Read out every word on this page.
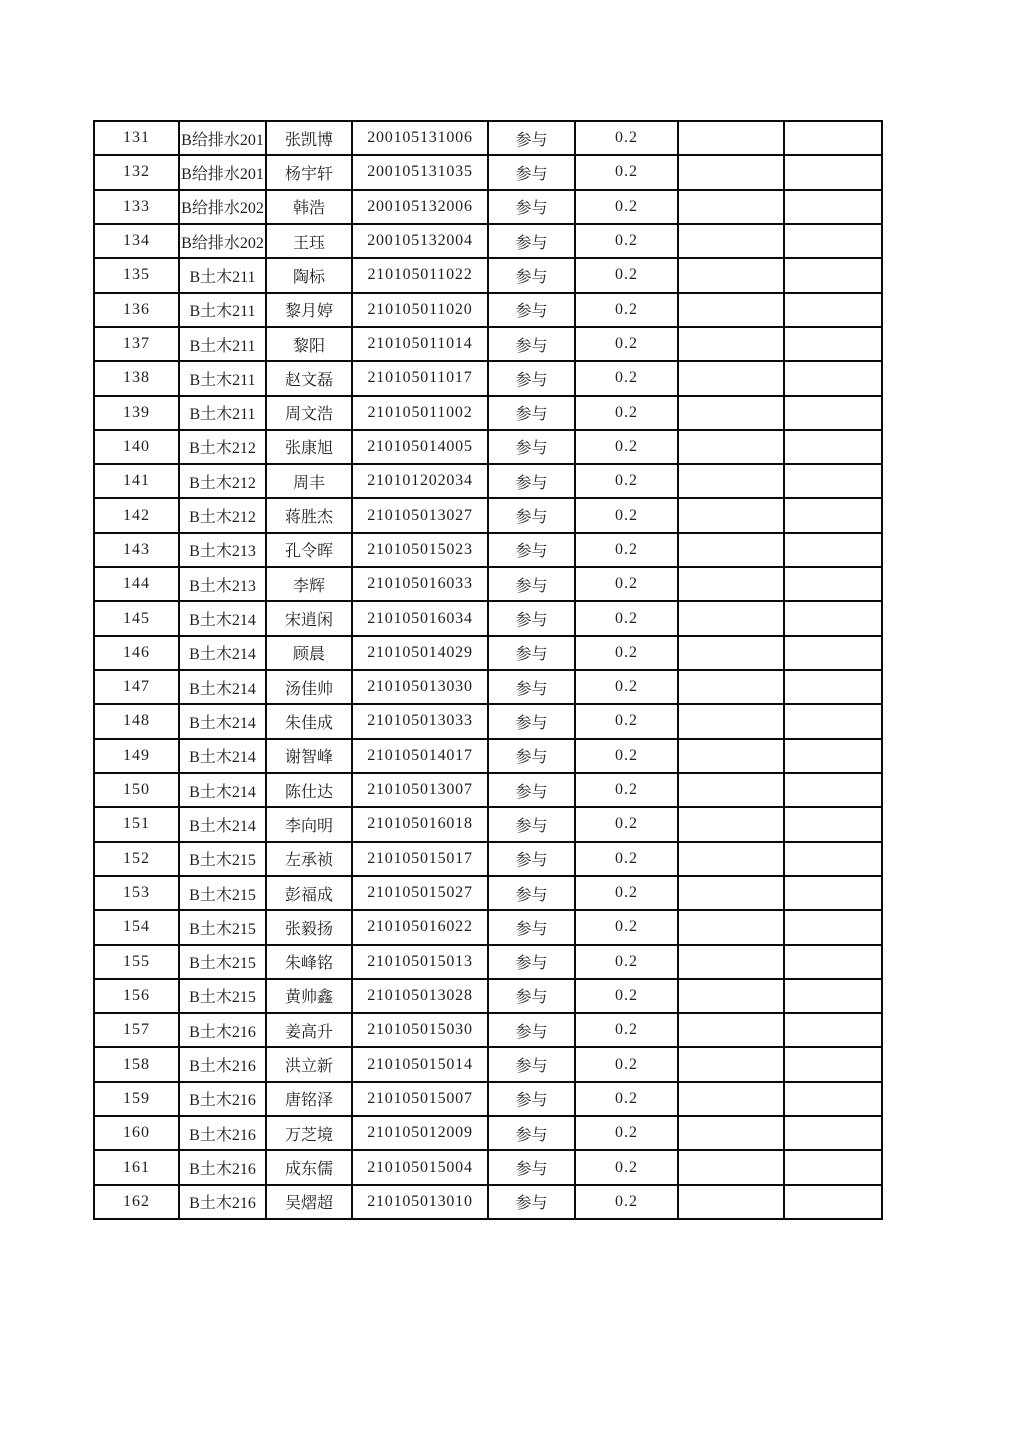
131	B给排水201	张凯博	200105131006	参与	0.2		
132	B给排水201	杨宇轩	200105131035	参与	0.2		
133	B给排水202	韩浩	200105132006	参与	0.2		
134	B给排水202	王珏	200105132004	参与	0.2		
135	B土木211	陶标	210105011022	参与	0.2		
136	B土木211	黎月婷	210105011020	参与	0.2		
137	B土木211	黎阳	210105011014	参与	0.2		
138	B土木211	赵文磊	210105011017	参与	0.2		
139	B土木211	周文浩	210105011002	参与	0.2		
140	B土木212	张康旭	210105014005	参与	0.2		
141	B土木212	周丰	210101202034	参与	0.2		
142	B土木212	蒋胜杰	210105013027	参与	0.2		
143	B土木213	孔令晖	210105015023	参与	0.2		
144	B土木213	李辉	210105016033	参与	0.2		
145	B土木214	宋逍闲	210105016034	参与	0.2		
146	B土木214	顾晨	210105014029	参与	0.2		
147	B土木214	汤佳帅	210105013030	参与	0.2		
148	B土木214	朱佳成	210105013033	参与	0.2		
149	B土木214	谢智峰	210105014017	参与	0.2		
150	B土木214	陈仕达	210105013007	参与	0.2		
151	B土木214	李向明	210105016018	参与	0.2		
152	B土木215	左承祯	210105015017	参与	0.2		
153	B土木215	彭福成	210105015027	参与	0.2		
154	B土木215	张毅扬	210105016022	参与	0.2		
155	B土木215	朱峰铭	210105015013	参与	0.2		
156	B土木215	黄帅鑫	210105013028	参与	0.2		
157	B土木216	姜高升	210105015030	参与	0.2		
158	B土木216	洪立新	210105015014	参与	0.2		
159	B土木216	唐铭泽	210105015007	参与	0.2		
160	B土木216	万芝境	210105012009	参与	0.2		
161	B土木216	成东儒	210105015004	参与	0.2		
162	B土木216	吴熠超	210105013010	参与	0.2		
